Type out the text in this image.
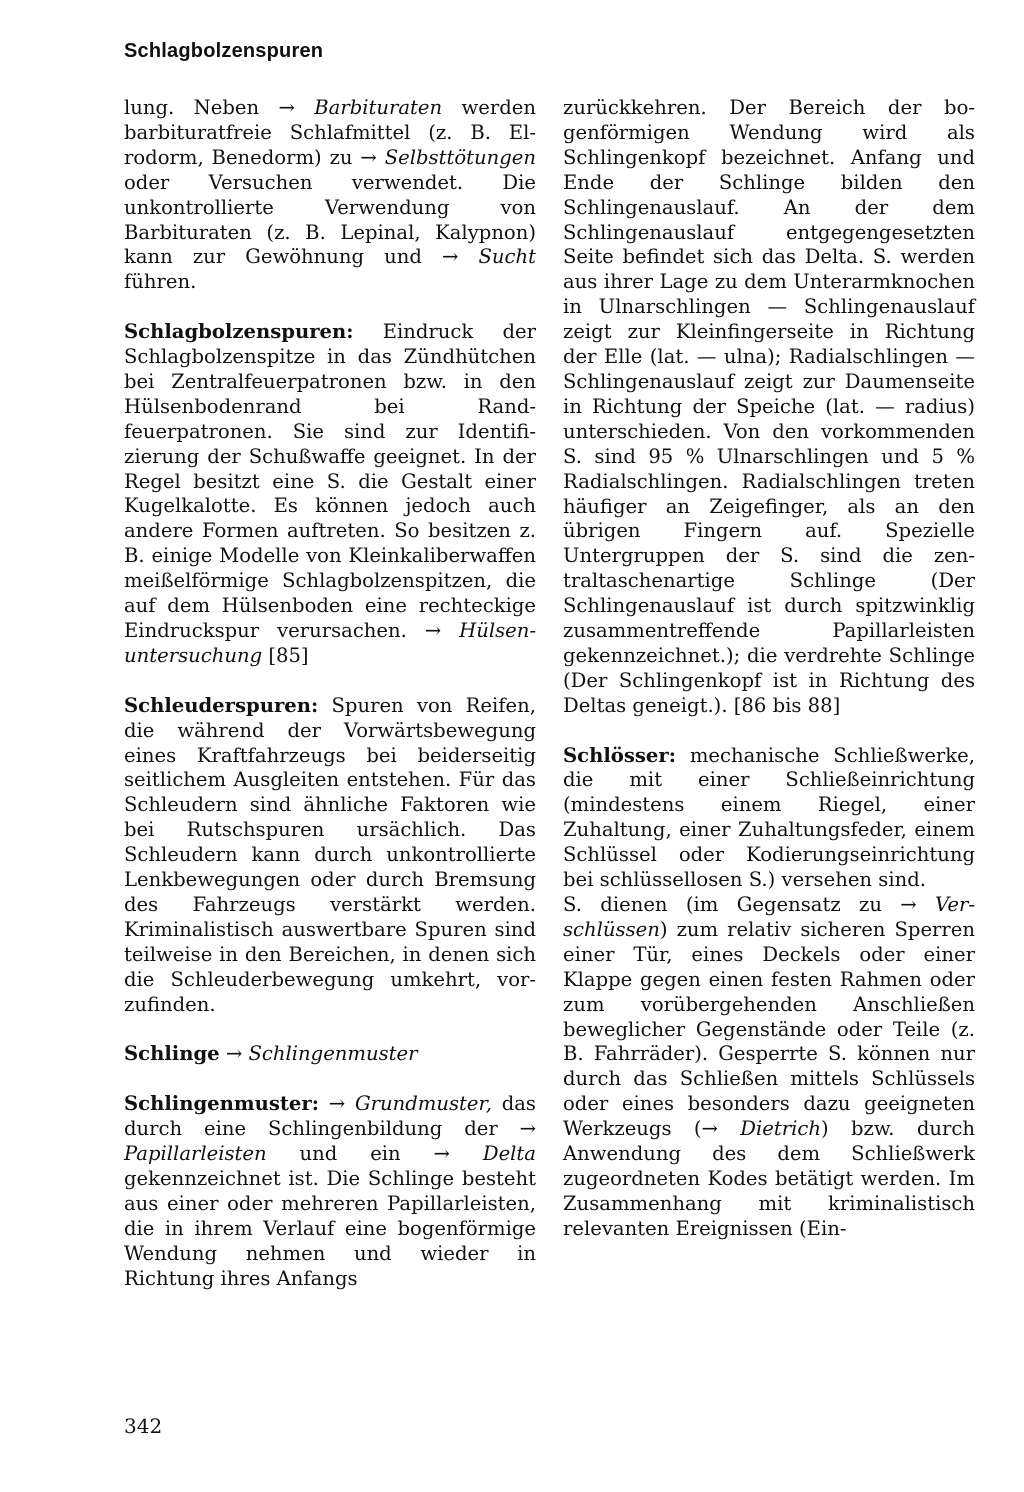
Schlagbolzenspuren

lung. Neben → Barbituraten werden barbituratfreie Schlafmittel (z. B. Elrodorm, Benedorm) zu → Selbsttötungen oder Versuchen verwendet. Die unkontrollierte Verwendung von Barbituraten (z. B. Lepinal, Kalypnon) kann zur Gewöhnung und → Sucht führen.

Schlagbolzenspuren: Eindruck der Schlagbolzenspitze in das Zündhütchen bei Zentralfeuerpatronen bzw. in den Hülsenbodenrand bei Randfeuerpatronen. Sie sind zur Identifizierung der Schußwaffe geeignet. In der Regel besitzt eine S. die Gestalt einer Kugelkalotte. Es können jedoch auch andere Formen auftreten. So besitzen z. B. einige Modelle von Kleinkaliberwaffen meißelförmige Schlagbolzenspitzen, die auf dem Hülsenboden eine rechteckige Eindruckspur verursachen. → Hülsenuntersuchung [85]

Schleuderspuren: Spuren von Reifen, die während der Vorwärtsbewegung eines Kraftfahrzeugs bei beiderseitig seitlichem Ausgleiten entstehen. Für das Schleudern sind ähnliche Faktoren wie bei Rutschspuren ursächlich. Das Schleudern kann durch unkontrollierte Lenkbewegungen oder durch Bremsung des Fahrzeugs verstärkt werden. Kriminalistisch auswertbare Spuren sind teilweise in den Bereichen, in denen sich die Schleuderbewegung umkehrt, vorzufinden.

Schlinge → Schlingenmuster

Schlingenmuster: → Grundmuster, das durch eine Schlingenbildung der → Papillarleisten und ein → Delta gekennzeichnet ist. Die Schlinge besteht aus einer oder mehreren Papillarleisten, die in ihrem Verlauf eine bogenförmige Wendung nehmen und wieder in Richtung ihres Anfangs

zurückkehren. Der Bereich der bogenförmigen Wendung wird als Schlingenkopf bezeichnet. Anfang und Ende der Schlinge bilden den Schlingenauslauf. An der dem Schlingenauslauf entgegengesetzten Seite befindet sich das Delta. S. werden aus ihrer Lage zu dem Unterarmknochen in Ulnarschlingen — Schlingenauslauf zeigt zur Kleinfingerseite in Richtung der Elle (lat. — ulna); Radialschlingen — Schlingenauslauf zeigt zur Daumenseite in Richtung der Speiche (lat. — radius) unterschieden. Von den vorkommenden S. sind 95 % Ulnarschlingen und 5 % Radialschlingen. Radialschlingen treten häufiger an Zeigefinger, als an den übrigen Fingern auf. Spezielle Untergruppen der S. sind die zentraltaschenartige Schlinge (Der Schlingenauslauf ist durch spitzwinklig zusammentreffende Papillarleisten gekennzeichnet.); die verdrehte Schlinge (Der Schlingenkopf ist in Richtung des Deltas geneigt.). [86 bis 88]

Schlösser: mechanische Schließwerke, die mit einer Schließeinrichtung (mindestens einem Riegel, einer Zuhaltung, einer Zuhaltungsfeder, einem Schlüssel oder Kodierungseinrichtung bei schlüssellosen S.) versehen sind.

S. dienen (im Gegensatz zu → Verschlüssen) zum relativ sicheren Sperren einer Tür, eines Deckels oder einer Klappe gegen einen festen Rahmen oder zum vorübergehenden Anschließen beweglicher Gegenstände oder Teile (z. B. Fahrräder). Gesperrte S. können nur durch das Schließen mittels Schlüssels oder eines besonders dazu geeigneten Werkzeugs (→ Dietrich) bzw. durch Anwendung des dem Schließwerk zugeordneten Kodes betätigt werden. Im Zusammenhang mit kriminalistisch relevanten Ereignissen (Ein-

342
